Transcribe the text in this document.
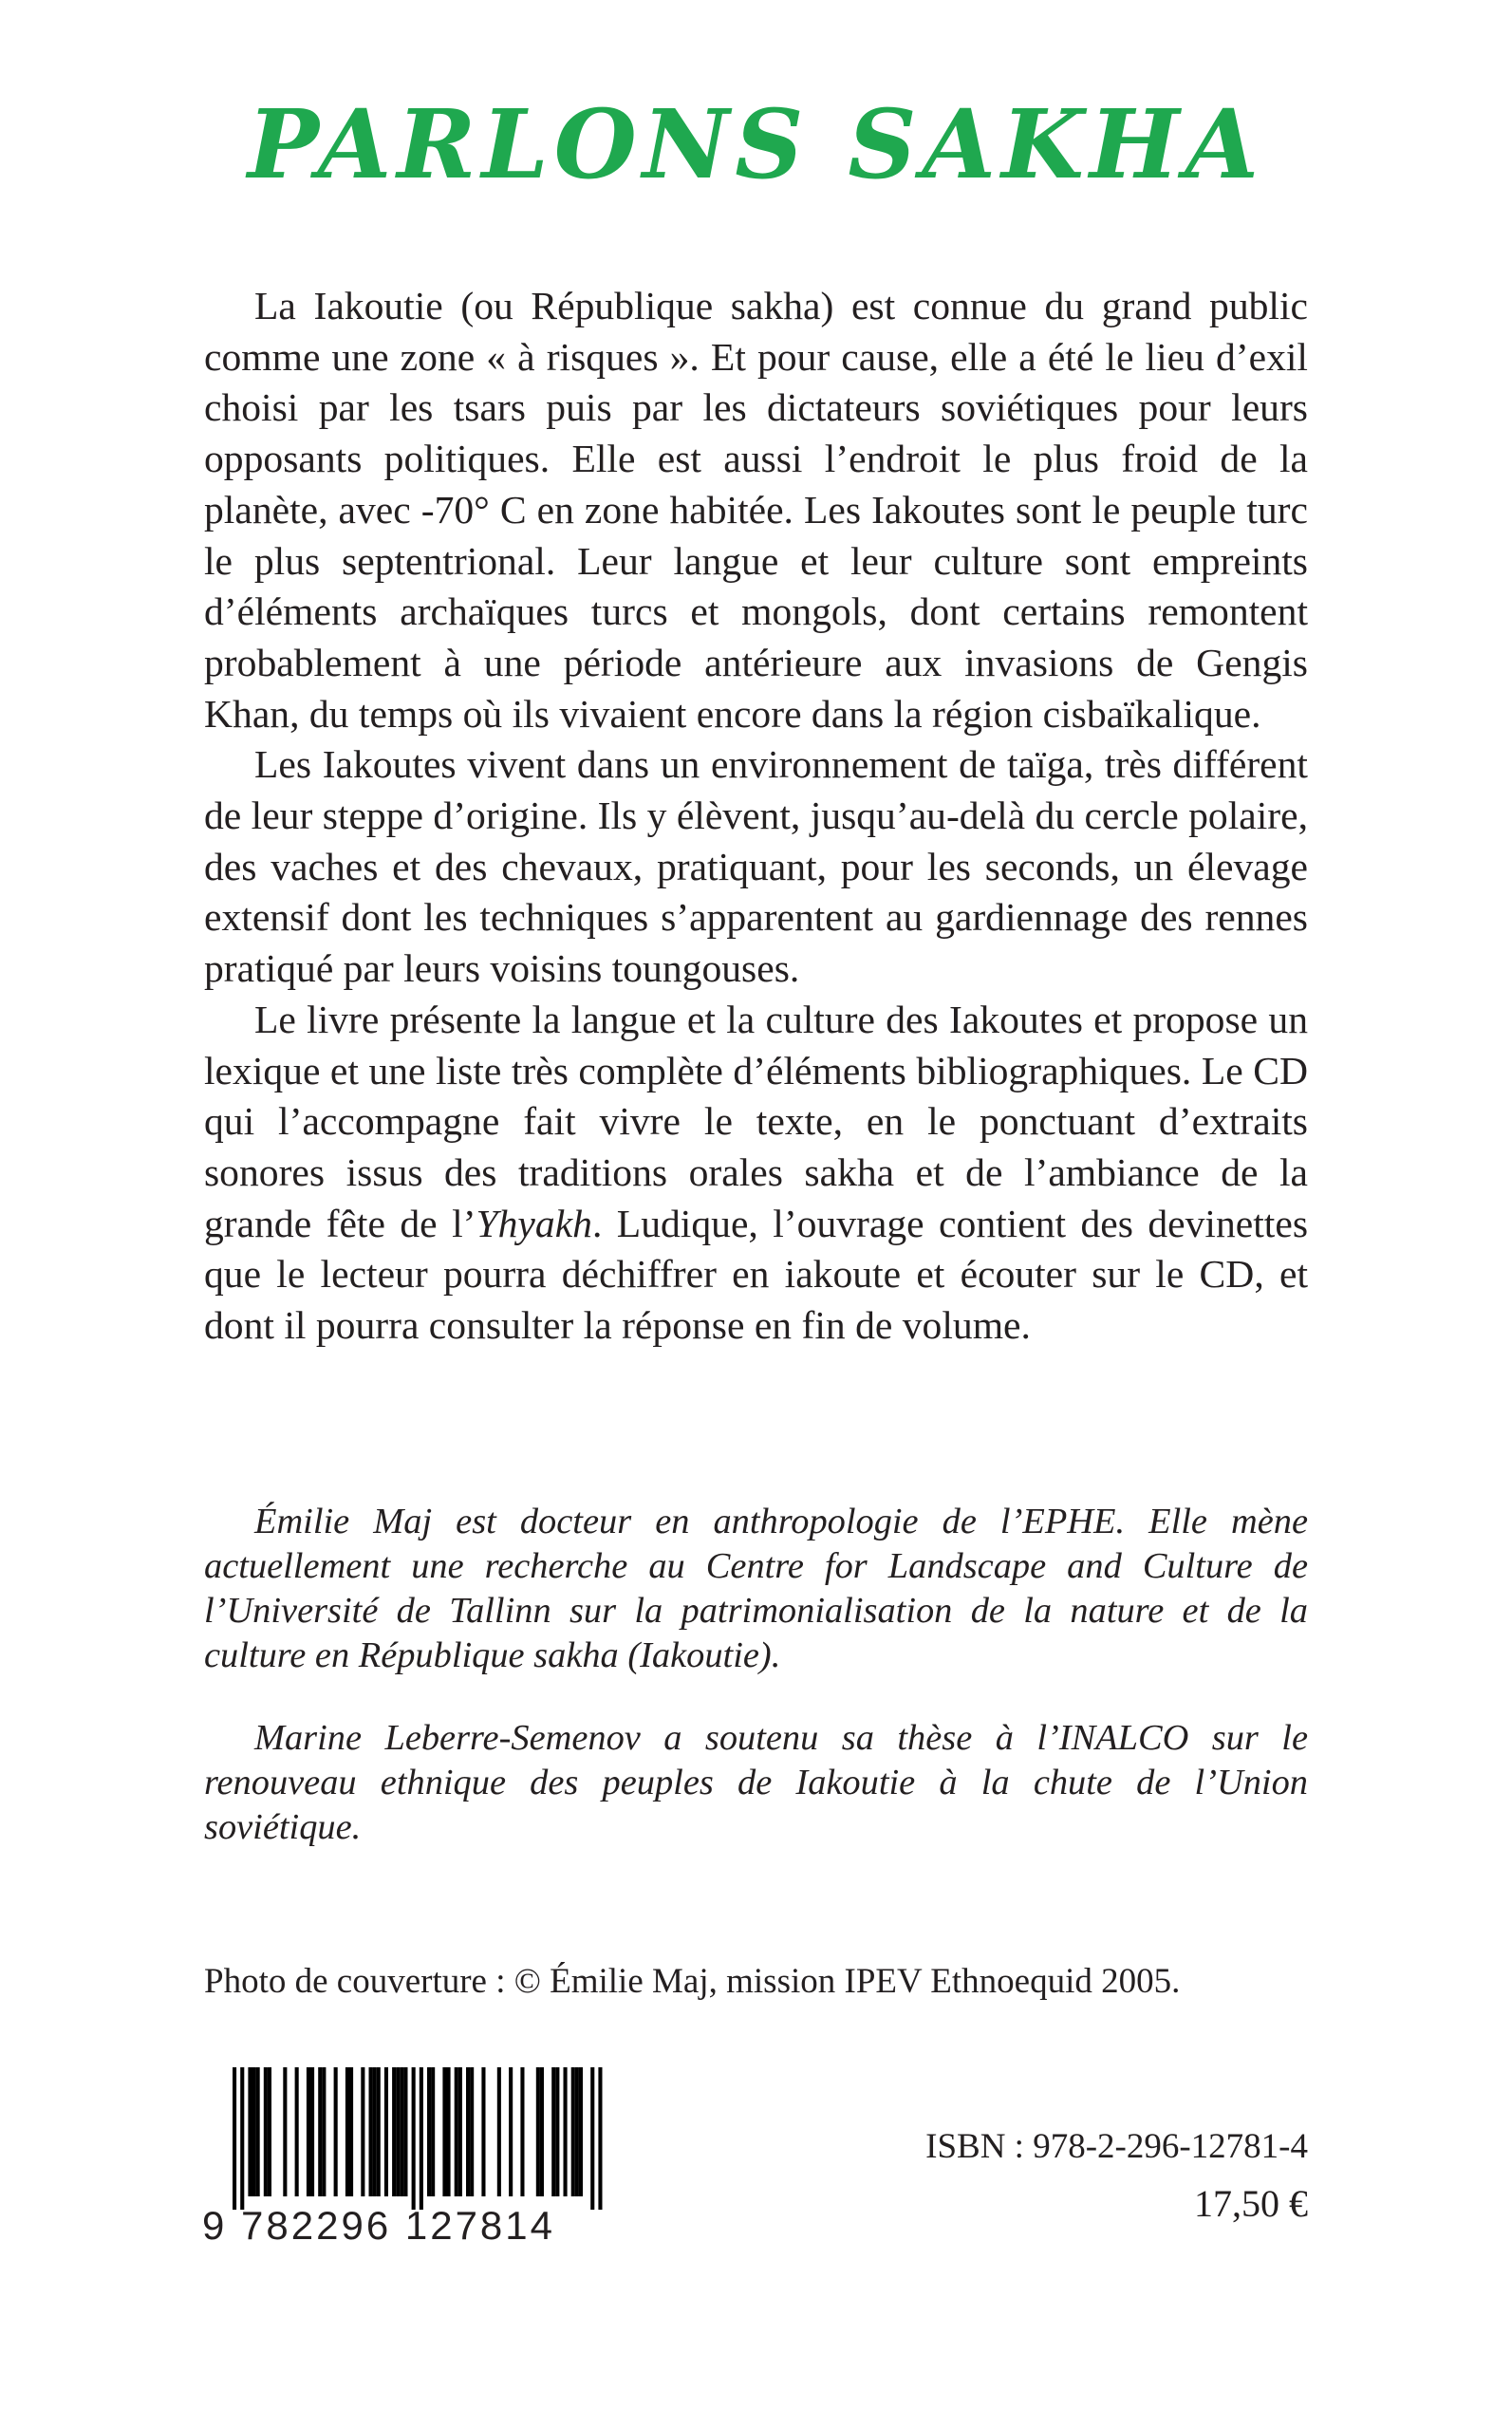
PARLONS SAKHA

La Iakoutie (ou République sakha) est connue du grand public comme une zone « à risques ». Et pour cause, elle a été le lieu d’exil choisi par les tsars puis par les dictateurs soviétiques pour leurs opposants politiques. Elle est aussi l’endroit le plus froid de la planète, avec -70° C en zone habitée. Les Iakoutes sont le peuple turc le plus septentrional. Leur langue et leur culture sont empreints d’éléments archaïques turcs et mongols, dont certains remontent probablement à une période antérieure aux invasions de Gengis Khan, du temps où ils vivaient encore dans la région cisbaïkalique.

Les Iakoutes vivent dans un environnement de taïga, très différent de leur steppe d’origine. Ils y élèvent, jusqu’au-delà du cercle polaire, des vaches et des chevaux, pratiquant, pour les seconds, un élevage extensif dont les techniques s’apparentent au gardiennage des rennes pratiqué par leurs voisins toungouses.

Le livre présente la langue et la culture des Iakoutes et propose un lexique et une liste très complète d’éléments bibliographiques. Le CD qui l’accompagne fait vivre le texte, en le ponctuant d’extraits sonores issus des traditions orales sakha et de l’ambiance de la grande fête de l’Yhyakh. Ludique, l’ouvrage contient des devinettes que le lecteur pourra déchiffrer en iakoute et écouter sur le CD, et dont il pourra consulter la réponse en fin de volume.

Émilie Maj est docteur en anthropologie de l’EPHE. Elle mène actuellement une recherche au Centre for Landscape and Culture de l’Université de Tallinn sur la patrimonialisation de la nature et de la culture en République sakha (Iakoutie).

Marine Leberre-Semenov a soutenu sa thèse à l’INALCO sur le renouveau ethnique des peuples de Iakoutie à la chute de l’Union soviétique.

Photo de couverture : © Émilie Maj, mission IPEV Ethnoequid 2005.
9 782296 127814
ISBN : 978-2-296-12781-4
17,50 €
